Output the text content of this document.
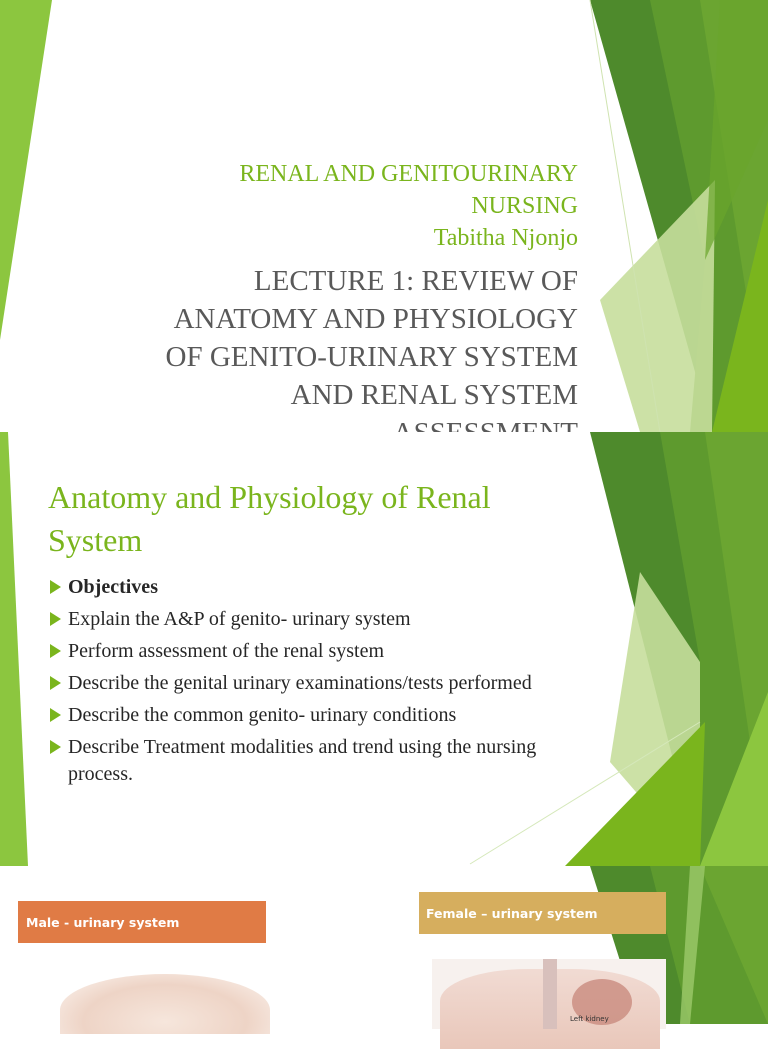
RENAL AND GENITOURINARY
NURSING
Tabitha Njonjo
LECTURE 1: REVIEW OF
ANATOMY AND PHYSIOLOGY
OF GENITO-URINARY SYSTEM
AND RENAL SYSTEM
Anatomy and Physiology of Renal
System
Objectives
Explain the A&P of genito- urinary system
Perform assessment of the renal system
Describe the genital urinary examinations/tests performed
Describe the common genito- urinary conditions
Describe Treatment modalities and trend using the nursing process.
Male - urinary system
Female – urinary system
Left kidney
